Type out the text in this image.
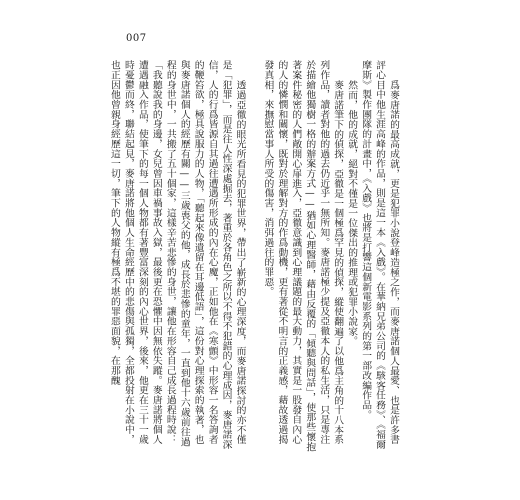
007

爲麥唐諾的最高成就，更是犯罪小說登峰造極之作，而麥唐諾個人最愛、也是許多書評心目中他生涯高峰的作品，則是這一本《入戲》。在華納兄弟公司的《駭客任務》、《福爾摩斯》製作團隊的計畫中，《入戲》也將是打響這個新電影系列的第一部改編作品。

然而，他的成就，絕對不僅是一位傑出的推理或犯罪小說家。

麥唐諾筆下的偵探，亞徹是一個極爲罕見的偵探，縱使翻遍了以他爲主角的十八本系列作品，讀者對他的過去仍近乎一無所知。麥唐諾極少提及亞徹本人的私生活，只是專注於描繪他獨樹一格的辦案方式——猶如心理醫師，藉由反覆的「傾聽與問話」，使那些懷抱著案件秘密的人們敞開心扉進入，亞徹意識到心理議題的最大動力，其實是一股發自內心的人的憐憫和關懷，既對於理解對方的作爲動機，更有著從不明言的正義感，藉故透過揭發真相，來撫慰當事人所受的傷害，消弭過往的罪惡。

透過亞徹的眼光所看見的犯罪世界，帶出了嶄新的心理深度，而麥唐諾探討的亦不僅是「犯罪」，而是往人性深處掘去，著重於各角色之所以不得不犯錯的心理成因，麥唐諾深信，人的行爲皆源自其過往遭遇所形成的內在心魔，正如他在《寒顫》中形容一名答詢者的鞭笞欲，極具說服力的人物，「聽起來像遺留在耳邊低語」，這份對心理探索的執著，也與麥唐諾個人的經歷有關——三歲喪父的他，成長於悲慘的童年，一直到他十六歲前往過程的身世中，一共搬了五十個家，這樣辛苦悲慘的身世，讓他在形容自己成長過程時說：「我聽說我的身邊，女兒曾因車禍事故入獄，最後更在恐懼中因無依失蹤。麥唐諾將個人遭遇融入作品，使筆下的每一個人物都有著豐富深刻的內心世界，後來，他更在三十一歲時憂鬱而終，聯結起見，麥唐諾將他個人生命經歷中的悲傷與孤獨，全都投射在小說中，也正因他曾親身經歷這一切，筆下的人物縱有極爲不堪的罪惡面貌，在那醜
